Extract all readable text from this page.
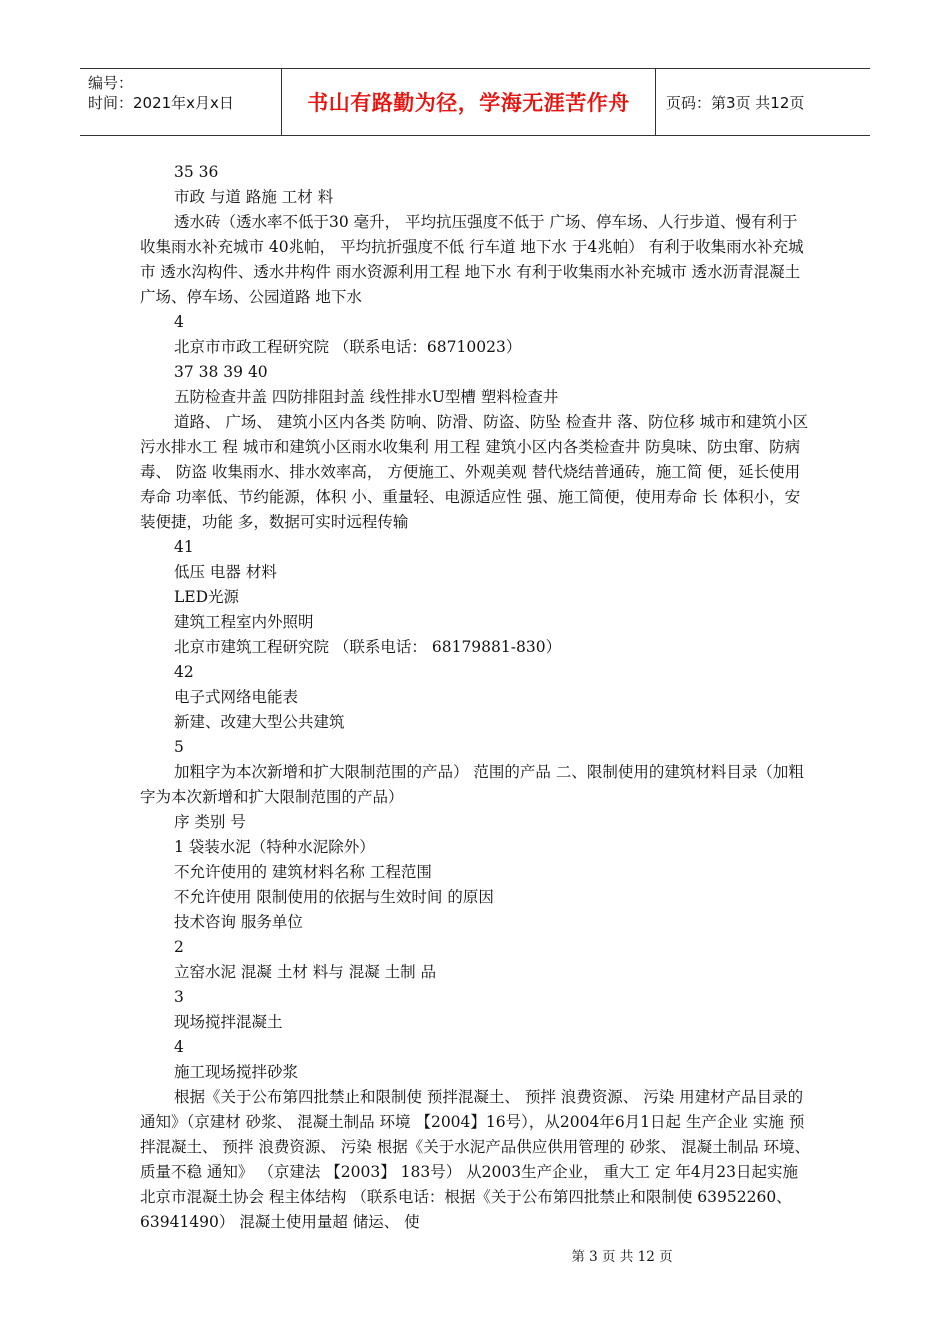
编号：
时间：2021年x月x日	书山有路勤为径，学海无涯苦作舟	页码：第3页 共12页

35 36

市政 与道 路施 工材 料

透水砖（透水率不低于30 毫升， 平均抗压强度不低于 广场、停车场、人行步道、慢有利于收集雨水补充城市 40兆帕， 平均抗折强度不低 行车道 地下水 于4兆帕） 有利于收集雨水补充城市 透水沟构件、透水井构件 雨水资源利用工程 地下水 有利于收集雨水补充城市 透水沥青混凝土 广场、停车场、公园道路 地下水

4

北京市市政工程研究院 （联系电话：68710023）

37 38 39 40

五防检查井盖 四防排阻封盖 线性排水U型槽 塑料检查井

道路、 广场、 建筑小区内各类 防响、防滑、防盗、防坠 检查井 落、防位移 城市和建筑小区污水排水工 程 城市和建筑小区雨水收集利 用工程 建筑小区内各类检查井 防臭味、防虫窜、防病毒、 防盗 收集雨水、排水效率高， 方便施工、外观美观 替代烧结普通砖，施工简 便，延长使用寿命 功率低、节约能源，体积 小、重量轻、电源适应性 强、施工简便，使用寿命 长 体积小，安装便捷，功能 多，数据可实时远程传输

41

低压 电器 材料

LED光源

建筑工程室内外照明

北京市建筑工程研究院 （联系电话： 68179881-830）

42

电子式网络电能表

新建、改建大型公共建筑

5

加粗字为本次新增和扩大限制范围的产品） 范围的产品 二、限制使用的建筑材料目录（加粗字为本次新增和扩大限制范围的产品）

序 类别 号

1 袋装水泥（特种水泥除外）

不允许使用的 建筑材料名称 工程范围

不允许使用 限制使用的依据与生效时间 的原因

技术咨询 服务单位

2

立窑水泥 混凝 土材 料与 混凝 土制 品

3

现场搅拌混凝土

4

施工现场搅拌砂浆

根据《关于公布第四批禁止和限制使 预拌混凝土、 预拌 浪费资源、 污染 用建材产品目录的通知》（京建材 砂浆、 混凝土制品 环境 【2004】16号），从2004年6月1日起 生产企业 实施 预拌混凝土、 预拌 浪费资源、 污染 根据《关于水泥产品供应供用管理的 砂浆、 混凝土制品 环境、 质量不稳 通知》 （京建法 【2003】 183号） 从2003生产企业， 重大工 定 年4月23日起实施 北京市混凝土协会 程主体结构 （联系电话：根据《关于公布第四批禁止和限制使 63952260、 63941490） 混凝土使用量超 储运、 使

第 3 页 共 12 页
